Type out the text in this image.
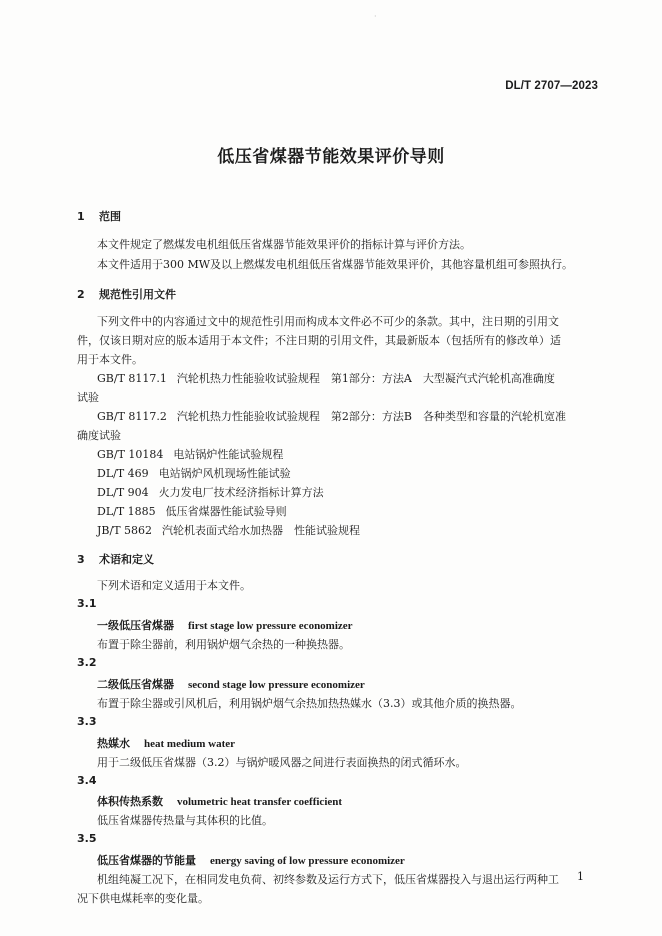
·
DL/T 2707—2023
低压省煤器节能效果评价导则
1 范围
本文件规定了燃煤发电机组低压省煤器节能效果评价的指标计算与评价方法。
本文件适用于300 MW及以上燃煤发电机组低压省煤器节能效果评价，其他容量机组可参照执行。
2 规范性引用文件
下列文件中的内容通过文中的规范性引用而构成本文件必不可少的条款。其中，注日期的引用文
件，仅该日期对应的版本适用于本文件；不注日期的引用文件，其最新版本（包括所有的修改单）适
用于本文件。
GB/T 8117.1 汽轮机热力性能验收试验规程　第1部分：方法A　大型凝汽式汽轮机高准确度
试验
GB/T 8117.2 汽轮机热力性能验收试验规程　第2部分：方法B　各种类型和容量的汽轮机宽准
确度试验
GB/T 10184 电站锅炉性能试验规程
DL/T 469 电站锅炉风机现场性能试验
DL/T 904 火力发电厂技术经济指标计算方法
DL/T 1885 低压省煤器性能试验导则
JB/T 5862 汽轮机表面式给水加热器　性能试验规程
3 术语和定义
下列术语和定义适用于本文件。
3.1
一级低压省煤器 first stage low pressure economizer
布置于除尘器前，利用锅炉烟气余热的一种换热器。
3.2
二级低压省煤器 second stage low pressure economizer
布置于除尘器或引风机后，利用锅炉烟气余热加热热媒水（3.3）或其他介质的换热器。
3.3
热媒水 heat medium water
用于二级低压省煤器（3.2）与锅炉暖风器之间进行表面换热的闭式循环水。
3.4
体积传热系数 volumetric heat transfer coefficient
低压省煤器传热量与其体积的比值。
3.5
低压省煤器的节能量 energy saving of low pressure economizer
机组纯凝工况下，在相同发电负荷、初终参数及运行方式下，低压省煤器投入与退出运行两种工
况下供电煤耗率的变化量。
1
